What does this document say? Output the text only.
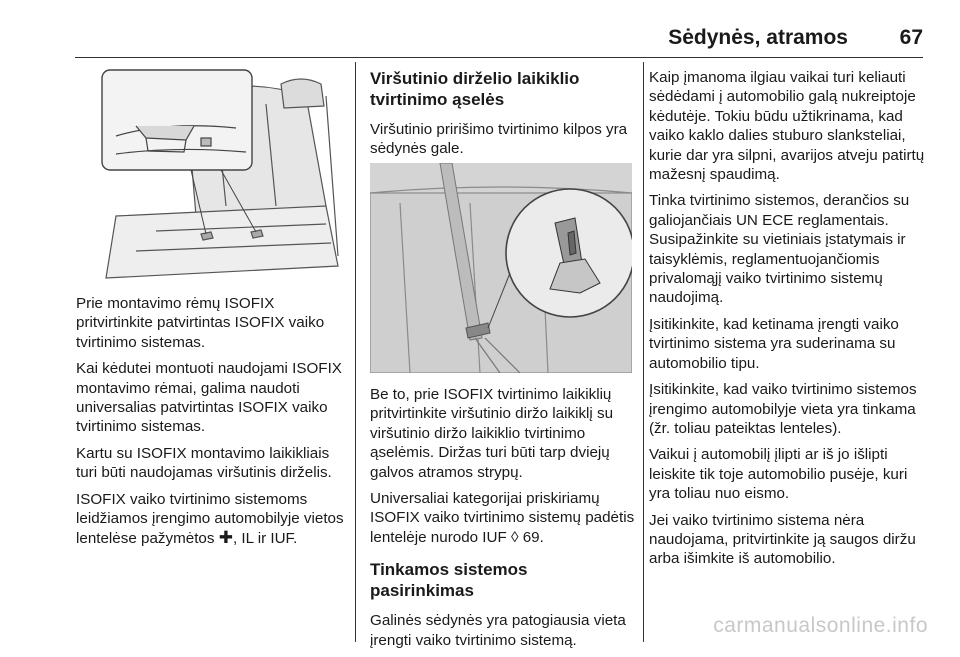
Sėdynės, atramos 67

Prie montavimo rėmų ISOFIX pritvirtinkite patvirtintas ISOFIX vaiko tvirtinimo sistemas.

Kai kėdutei montuoti naudojami ISOFIX montavimo rėmai, galima naudoti universalias patvirtintas ISOFIX vaiko tvirtinimo sistemas.

Kartu su ISOFIX montavimo laikikliais turi būti naudojamas viršutinis dirželis.

ISOFIX vaiko tvirtinimo sistemoms leidžiamos įrengimo automobilyje vietos lentelėse pažymėtos ✚, IL ir IUF.

Viršutinio dirželio laikiklio tvirtinimo ąselės

Viršutinio pririšimo tvirtinimo kilpos yra sėdynės gale.

Be to, prie ISOFIX tvirtinimo laikiklių pritvirtinkite viršutinio diržo laikiklį su viršutinio diržo laikiklio tvirtinimo ąselėmis. Diržas turi būti tarp dviejų galvos atramos strypų.

Universaliai kategorijai priskiriamų ISOFIX vaiko tvirtinimo sistemų padėtis lentelėje nurodo IUF ◊ 69.

Tinkamos sistemos pasirinkimas

Galinės sėdynės yra patogiausia vieta įrengti vaiko tvirtinimo sistemą.

Kaip įmanoma ilgiau vaikai turi keliauti sėdėdami į automobilio galą nukreiptoje kėdutėje. Tokiu būdu užtikrinama, kad vaiko kaklo dalies stuburo slanksteliai, kurie dar yra silpni, avarijos atveju patirtų mažesnį spaudimą.

Tinka tvirtinimo sistemos, derančios su galiojančiais UN ECE reglamentais. Susipažinkite su vietiniais įstatymais ir taisyklėmis, reglamentuojančiomis privalomąjį vaiko tvirtinimo sistemų naudojimą.

Įsitikinkite, kad ketinama įrengti vaiko tvirtinimo sistema yra suderinama su automobilio tipu.

Įsitikinkite, kad vaiko tvirtinimo sistemos įrengimo automobilyje vieta yra tinkama (žr. toliau pateiktas lenteles).

Vaikui į automobilį įlipti ar iš jo išlipti leiskite tik toje automobilio pusėje, kuri yra toliau nuo eismo.

Jei vaiko tvirtinimo sistema nėra naudojama, pritvirtinkite ją saugos diržu arba išimkite iš automobilio.

carmanualsonline.info
